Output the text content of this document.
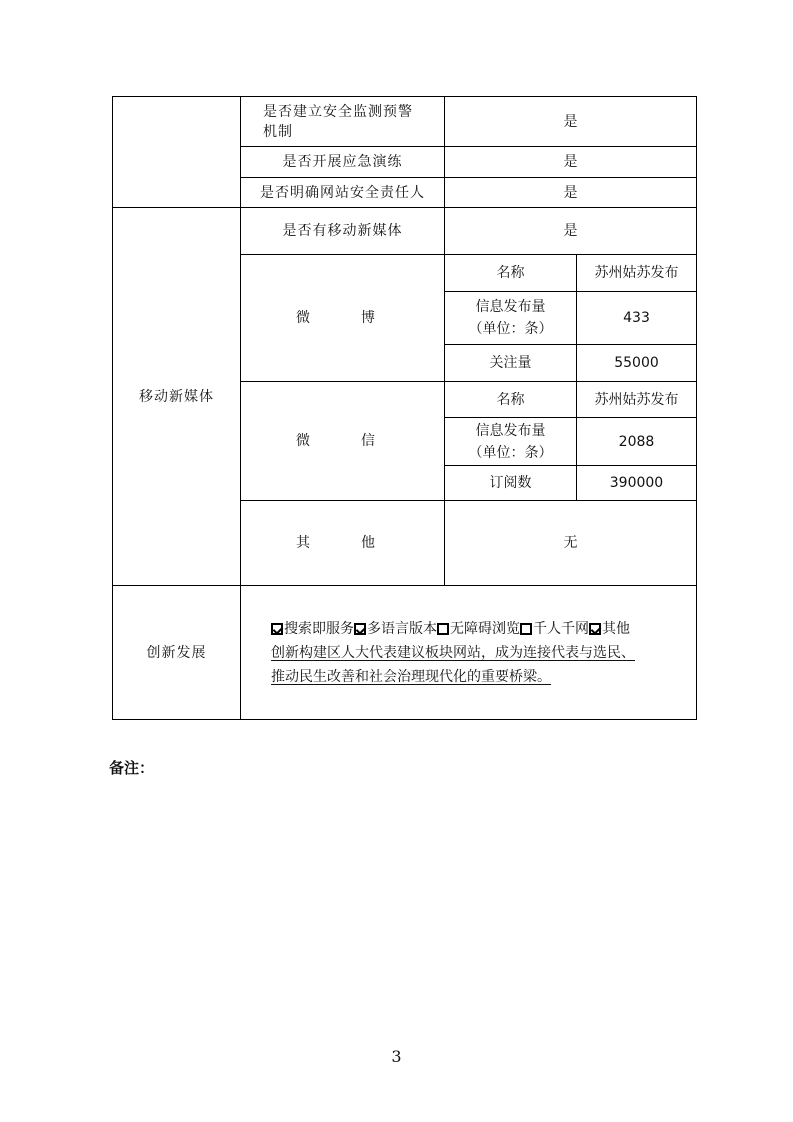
	是否建立安全监测预警机制	是	
	是否开展应急演练	是	
	是否明确网站安全责任人	是	
移动新媒体	是否有移动新媒体	是	
	微  博	名称	苏州姑苏发布
		信息发布量（单位：条）	433
		关注量	55000
	微  信	名称	苏州姑苏发布
		信息发布量（单位：条）	2088
		订阅数	390000
	其  他	无	
创新发展	搜索即服务 多语言版本 无障碍浏览 千人千网 其他
创新构建区人大代表建议板块网站，成为连接代表与选民、
推动民生改善和社会治理现代化的重要桥梁。		
备注：
3
